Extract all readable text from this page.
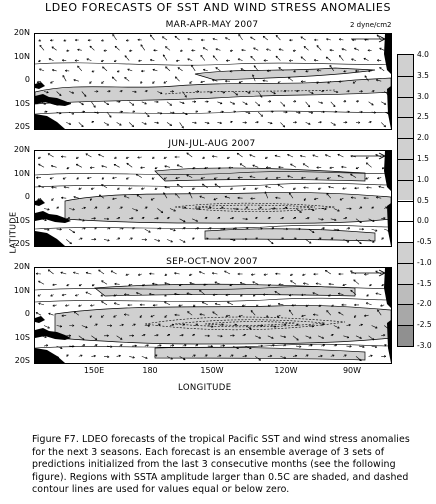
LDEO FORECASTS OF SST AND WIND STRESS ANOMALIES
LATITUDE
MAR-APR-MAY 2007	2 dyne/cm2
JUN-JUL-AUG 2007
SEP-OCT-NOV 2007
20N
10N
0
10S
20S
20N
10N
0
10S
20S
20N
10N
0
10S
20S
150E	180	150W	120W	90W
LONGITUDE
4.0
3.5
3.0
2.5
2.0
1.5
1.0
0.5
0.0
-0.5
-1.0
-1.5
-2.0
-2.5
-3.0

Figure F7. LDEO forecasts of the tropical Pacific SST and wind stress anomalies for the next 3 seasons. Each forecast is an ensemble average of 3 sets of predictions initialized from the last 3 consecutive months (see the following figure). Regions with SSTA amplitude larger than 0.5C are shaded, and dashed contour lines are used for values equal or below zero.
